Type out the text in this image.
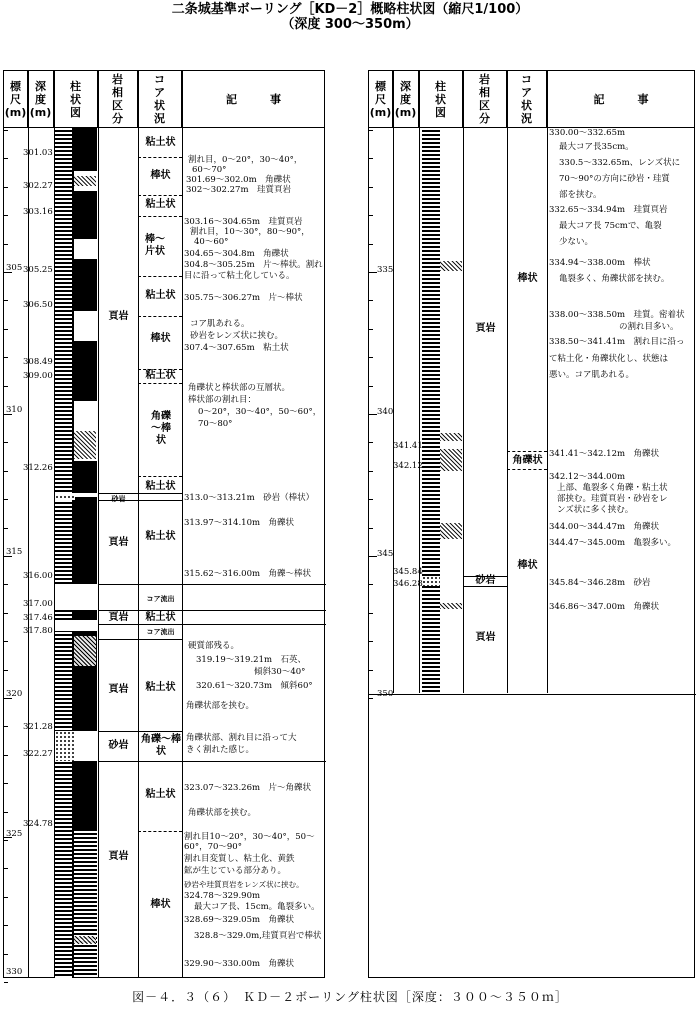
二条城基準ボーリング［KD－2］概略柱状図（縮尺1/100）
（深度 300～350m）
標
尺
(m)
深
度
(m)
柱
状
図
岩
相
区
分
コ
ア
状
況
記　　　事
305
310
315
320
325
330
301.03
302.27
303.16
305.25
306.50
308.49
309.00
312.26
316.00
317.00
317.46
317.80
321.28
322.27
324.78
頁岩
砂岩
頁岩
頁岩
頁岩
砂岩
頁岩
粘土状
棒状
粘土状
棒～片状
粘土状
棒状
粘土状
角礫～棒状
粘土状
粘土状
コア流出
粘土状
コア流出
粘土状
角礫～棒状
粘土状
棒状
割れ目，0～20°，30～40°，
60～70°
301.69～302.0m　角礫状
302～302.27m　珪質頁岩
303.16～304.65m　珪質頁岩
割れ目，10～30°，80～90°，
40～60°
304.65～304.8m　角礫状
304.8～305.25m　片～棒状。割れ
目に沿って粘土化している。
305.75～306.27m　片～棒状
コア肌あれる。
砂岩をレンズ状に挟む。
307.4～307.65m　粘土状
角礫状と棒状部の互層状。
棒状部の割れ目：
0～20°，30～40°，50～60°，
70～80°
313.0～313.21m　砂岩（棒状）
313.97～314.10m　角礫状
315.62～316.00m　角礫～棒状
硬質部残る。
319.19～319.21m　石英、
傾斜30～40°
320.61～320.73m　傾斜60°
角礫状部を挟む。
角礫状部、割れ目に沿って大
きく割れた感じ。
323.07～323.26m　片～角礫状
角礫状部を挟む。
割れ目10～20°，30～40°，50～
60°，70～90°
割れ目変質し、粘土化、黄鉄
鉱が生じている部分あり。
砂岩や珪質頁岩をレンズ状に挟む。
324.78～329.90m
最大コア長、15cm。亀裂多い。
328.69～329.05m　角礫状
328.8～329.0m,珪質頁岩で棒状
329.90～330.00m　角礫状
標
尺
(m)
深
度
(m)
柱
状
図
岩
相
区
分
コ
ア
状
況
記　　　事
335
340
345
350
341.41
342.12
345.84
346.28
頁岩
砂岩
頁岩
棒状
角礫状
棒状
330.00～332.65m
最大コア長35cm。
330.5～332.65m、レンズ状に
70～90°の方向に砂岩・珪質
部を挟む。
332.65～334.94m　珪質頁岩
最大コア長 75cmで、亀裂
少ない。
334.94～338.00m　棒状
亀裂多く、角礫状部を挟む。
338.00～338.50m　珪質。密着状
の割れ目多い。
338.50～341.41m　割れ目に沿っ
て粘土化・角礫状化し、状態は
悪い。コア肌あれる。
341.41～342.12m　角礫状
342.12～344.00m
上部、亀裂多く角礫・粘土状
部挟む。珪質頁岩・砂岩をレ
ンズ状に多く挟む。
344.00～344.47m　角礫状
344.47～345.00m　亀裂多い。
345.84～346.28m　砂岩
346.86～347.00m　角礫状
図－４．３（６）　ＫＤ－２ボーリング柱状図［深度：３００～３５０ｍ］
